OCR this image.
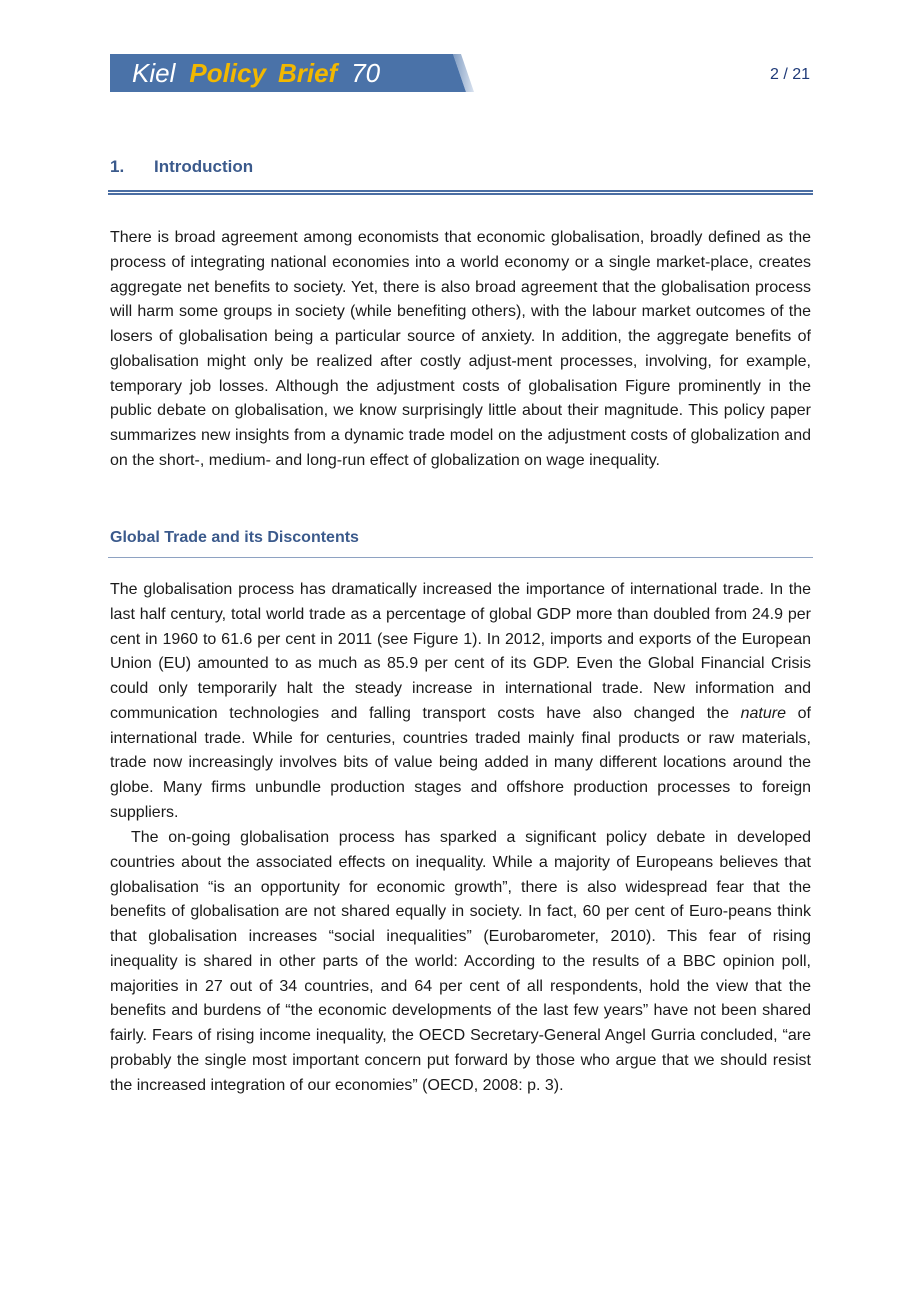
Kiel Policy Brief 70	2 / 21
1. Introduction

There is broad agreement among economists that economic globalisation, broadly defined as the process of integrating national economies into a world economy or a single market-place, creates aggregate net benefits to society. Yet, there is also broad agreement that the globalisation process will harm some groups in society (while benefiting others), with the labour market outcomes of the losers of globalisation being a particular source of anxiety. In addition, the aggregate benefits of globalisation might only be realized after costly adjust-ment processes, involving, for example, temporary job losses. Although the adjustment costs of globalisation Figure prominently in the public debate on globalisation, we know surprisingly little about their magnitude. This policy paper summarizes new insights from a dynamic trade model on the adjustment costs of globalization and on the short-, medium- and long-run effect of globalization on wage inequality.

Global Trade and its Discontents

The globalisation process has dramatically increased the importance of international trade. In the last half century, total world trade as a percentage of global GDP more than doubled from 24.9 per cent in 1960 to 61.6 per cent in 2011 (see Figure 1). In 2012, imports and exports of the European Union (EU) amounted to as much as 85.9 per cent of its GDP. Even the Global Financial Crisis could only temporarily halt the steady increase in international trade. New information and communication technologies and falling transport costs have also changed the nature of international trade. While for centuries, countries traded mainly final products or raw materials, trade now increasingly involves bits of value being added in many different locations around the globe. Many firms unbundle production stages and offshore production processes to foreign suppliers.

The on-going globalisation process has sparked a significant policy debate in developed countries about the associated effects on inequality. While a majority of Europeans believes that globalisation “is an opportunity for economic growth”, there is also widespread fear that the benefits of globalisation are not shared equally in society. In fact, 60 per cent of Euro-peans think that globalisation increases “social inequalities” (Eurobarometer, 2010). This fear of rising inequality is shared in other parts of the world: According to the results of a BBC opinion poll, majorities in 27 out of 34 countries, and 64 per cent of all respondents, hold the view that the benefits and burdens of “the economic developments of the last few years” have not been shared fairly. Fears of rising income inequality, the OECD Secretary-General Angel Gurria concluded, “are probably the single most important concern put forward by those who argue that we should resist the increased integration of our economies” (OECD, 2008: p. 3).
